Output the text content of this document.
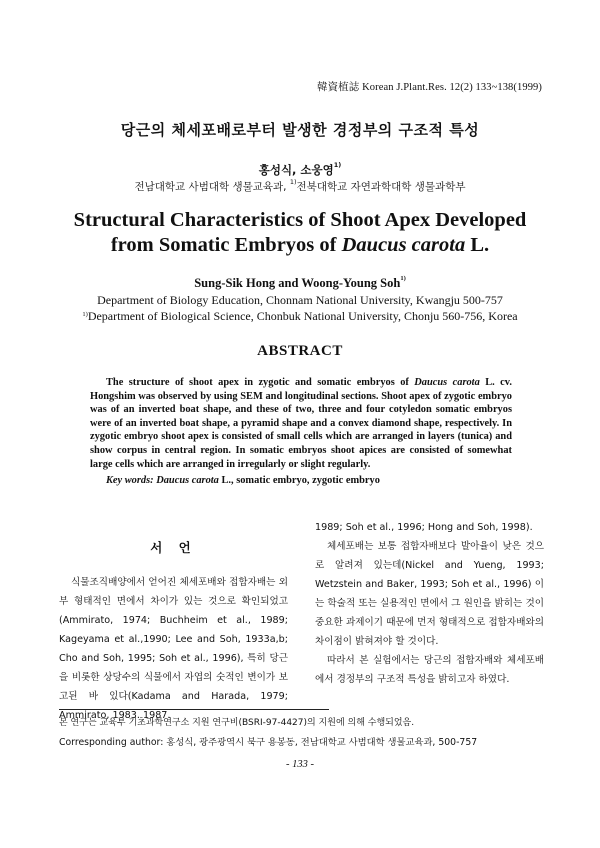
韓資植誌 Korean J.Plant.Res. 12(2) 133~138(1999)
당근의 체세포배로부터 발생한 경정부의 구조적 특성
홍성식, 소웅영$^{1)}$
전남대학교 사범대학 생물교육과, $^{1)}$전북대학교 자연과학대학 생물과학부
Structural Characteristics of Shoot Apex Developed
from Somatic Embryos of Daucus carota L.
Sung-Sik Hong and Woong-Young Soh$^{1)}$
Department of Biology Education, Chonnam National University, Kwangju 500-757
$^{1)}$Department of Biological Science, Chonbuk National University, Chonju 560-756, Korea
ABSTRACT
The structure of shoot apex in zygotic and somatic embryos of Daucus carota L. cv. Hongshim was observed by using SEM and longitudinal sections. Shoot apex of zygotic embryo was of an inverted boat shape, and these of two, three and four cotyledon somatic embryos were of an inverted boat shape, a pyramid shape and a convex diamond shape, respectively. In zygotic embryo shoot apex is consisted of small cells which are arranged in layers (tunica) and show corpus in central region. In somatic embryos shoot apices are consisted of somewhat large cells which are arranged in irregularly or slight regularly.
Key words: Daucus carota L., somatic embryo, zygotic embryo
서 언

식물조직배양에서 얻어진 체세포배와 접합자배는 외부 형태적인 면에서 차이가 있는 것으로 확인되었고(Ammirato, 1974; Buchheim et al., 1989; Kageyama et al.,1990; Lee and Soh, 1933a,b; Cho and Soh, 1995; Soh et al., 1996), 특히 당근을 비롯한 상당수의 식물에서 자엽의 숫적인 변이가 보고된 바 있다(Kadama and Harada, 1979; Ammirato, 1983. 1987.

1989; Soh et al., 1996; Hong and Soh, 1998).

체세포배는 보통 접합자배보다 발아율이 낮은 것으로 알려져 있는데(Nickel and Yueng, 1993; Wetzstein and Baker, 1993; Soh et al., 1996) 이는 학술적 또는 실용적인 면에서 그 원인을 밝히는 것이 중요한 과제이기 때문에 먼저 형태적으로 접합자배와의 차이점이 밝혀져야 할 것이다.

따라서 본 실험에서는 당근의 접합자배와 체세포배에서 경정부의 구조적 특성을 밝히고자 하였다.

본 연구는 교육부 기초과학연구소 지원 연구비(BSRI-97-4427)의 지원에 의해 수행되었음.
Corresponding author: 홍성식, 광주광역시 북구 용봉동, 전남대학교 사범대학 생물교육과, 500-757
- 133 -
